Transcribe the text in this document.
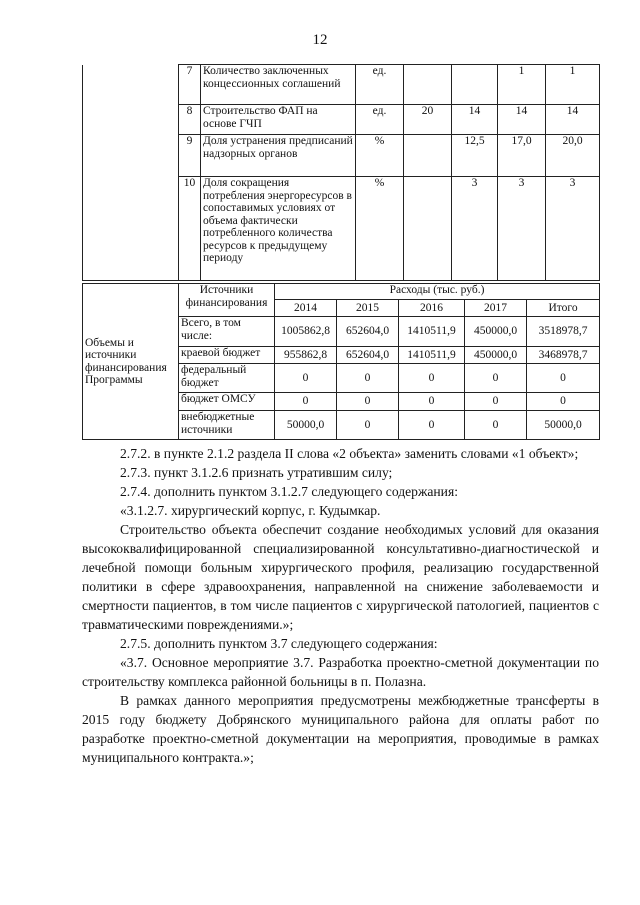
12
	7	Количество заключенных концессионных соглашений	ед.			1	1
	8	Строительство ФАП на основе ГЧП	ед.	20	14	14	14
	9	Доля устранения предписаний надзорных органов	%		12,5	17,0	20,0
	10	Доля сокращения потребления энергоресурсов в сопоставимых условиях от объема фактически потребленного количества ресурсов к предыдущему периоду	%		3	3	3
Объемы и источники финансирования Программы	Источники финансирования	Расходы (тыс. руб.)				
		2014	2015	2016	2017	Итого
	Всего, в том числе:	1005862,8	652604,0	1410511,9	450000,0	3518978,7
	краевой бюджет	955862,8	652604,0	1410511,9	450000,0	3468978,7
	федеральный бюджет	0	0	0	0	0
	бюджет ОМСУ	0	0	0	0	0
	внебюджетные источники	50000,0	0	0	0	50000,0

2.7.2. в пункте 2.1.2 раздела II слова «2 объекта» заменить словами «1 объект»;

2.7.3. пункт 3.1.2.6 признать утратившим силу;

2.7.4. дополнить пунктом 3.1.2.7 следующего содержания:

«3.1.2.7. хирургический корпус, г. Кудымкар.

Строительство объекта обеспечит создание необходимых условий для оказания высококвалифицированной специализированной консультативно-диагностической и лечебной помощи больным хирургического профиля, реализацию государственной политики в сфере здравоохранения, направленной на снижение заболеваемости и смертности пациентов, в том числе пациентов с хирургической патологией, пациентов с травматическими повреждениями.»;

2.7.5. дополнить пунктом 3.7 следующего содержания:

«3.7. Основное мероприятие 3.7. Разработка проектно-сметной документации по строительству комплекса районной больницы в п. Полазна.

В рамках данного мероприятия предусмотрены межбюджетные трансферты в 2015 году бюджету Добрянского муниципального района для оплаты работ по разработке проектно-сметной документации на мероприятия, проводимые в рамках муниципального контракта.»;
